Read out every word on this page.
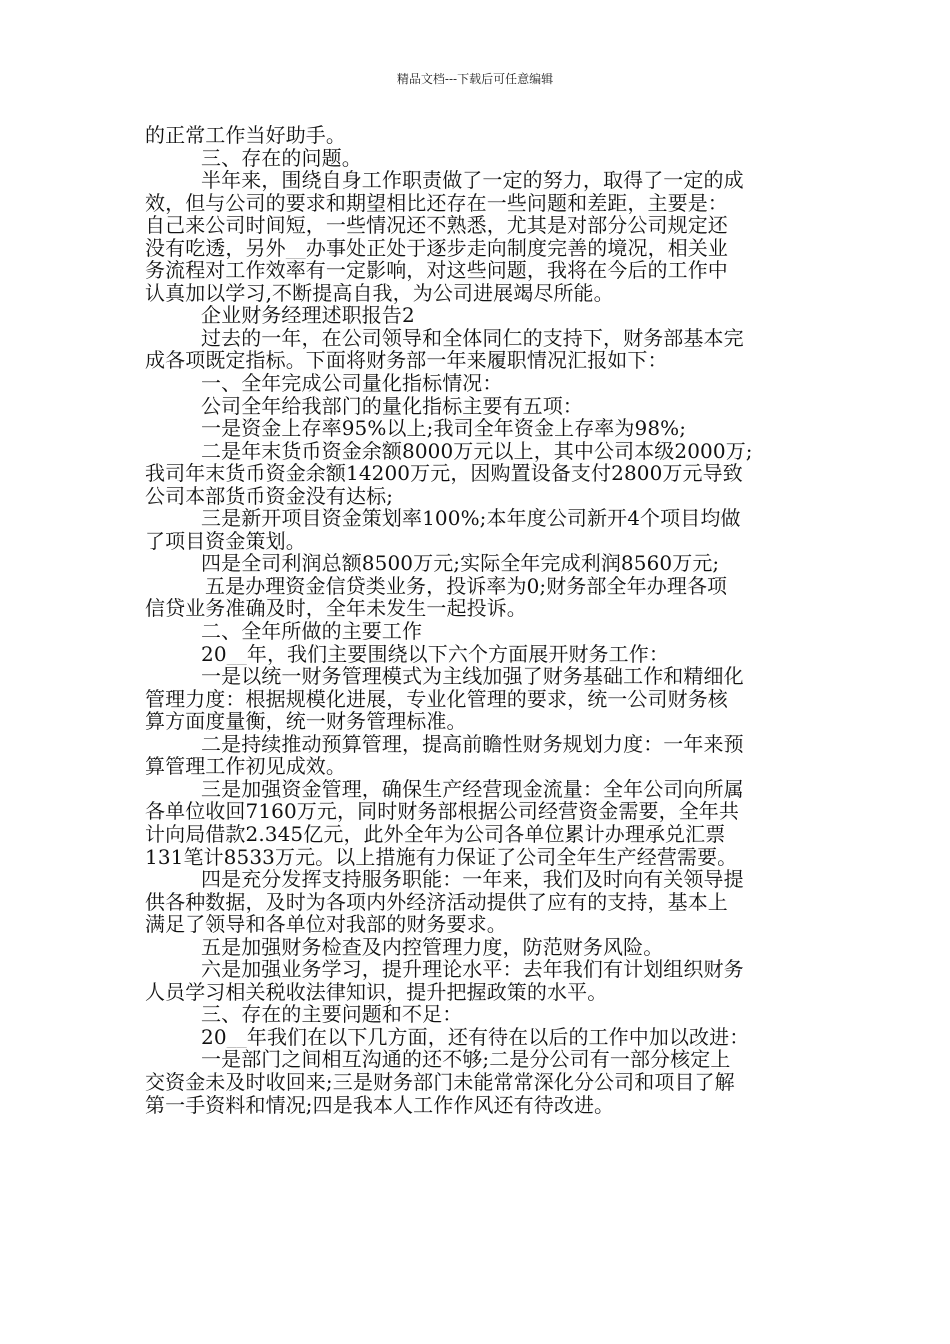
精品文档---下载后可任意编辑
的正常工作当好助手。
三、存在的问题。
半年来，围绕自身工作职责做了一定的努力，取得了一定的成
效，但与公司的要求和期望相比还存在一些问题和差距，主要是：
自己来公司时间短，一些情况还不熟悉，尤其是对部分公司规定还
没有吃透，另外__办事处正处于逐步走向制度完善的境况，相关业
务流程对工作效率有一定影响，对这些问题，我将在今后的工作中
认真加以学习,不断提高自我，为公司进展竭尽所能。
企业财务经理述职报告2
过去的一年，在公司领导和全体同仁的支持下，财务部基本完
成各项既定指标。下面将财务部一年来履职情况汇报如下：
一、全年完成公司量化指标情况：
公司全年给我部门的量化指标主要有五项：
一是资金上存率95%以上;我司全年资金上存率为98%;
二是年末货币资金余额8000万元以上，其中公司本级2000万;
我司年末货币资金余额14200万元，因购置设备支付2800万元导致
公司本部货币资金没有达标;
三是新开项目资金策划率100%;本年度公司新开4个项目均做
了项目资金策划。
四是全司利润总额8500万元;实际全年完成利润8560万元;
五是办理资金信贷类业务，投诉率为0;财务部全年办理各项
信贷业务准确及时，全年未发生一起投诉。
二、全年所做的主要工作
20__年，我们主要围绕以下六个方面展开财务工作：
一是以统一财务管理模式为主线加强了财务基础工作和精细化
管理力度：根据规模化进展，专业化管理的要求，统一公司财务核
算方面度量衡，统一财务管理标准。
二是持续推动预算管理，提高前瞻性财务规划力度：一年来预
算管理工作初见成效。
三是加强资金管理，确保生产经营现金流量：全年公司向所属
各单位收回7160万元，同时财务部根据公司经营资金需要，全年共
计向局借款2.345亿元，此外全年为公司各单位累计办理承兑汇票
131笔计8533万元。以上措施有力保证了公司全年生产经营需要。
四是充分发挥支持服务职能：一年来，我们及时向有关领导提
供各种数据，及时为各项内外经济活动提供了应有的支持，基本上
满足了领导和各单位对我部的财务要求。
五是加强财务检查及内控管理力度，防范财务风险。
六是加强业务学习，提升理论水平：去年我们有计划组织财务
人员学习相关税收法律知识，提升把握政策的水平。
三、存在的主要问题和不足：
20__年我们在以下几方面，还有待在以后的工作中加以改进：
一是部门之间相互沟通的还不够;二是分公司有一部分核定上
交资金未及时收回来;三是财务部门未能常常深化分公司和项目了解
第一手资料和情况;四是我本人工作作风还有待改进。
